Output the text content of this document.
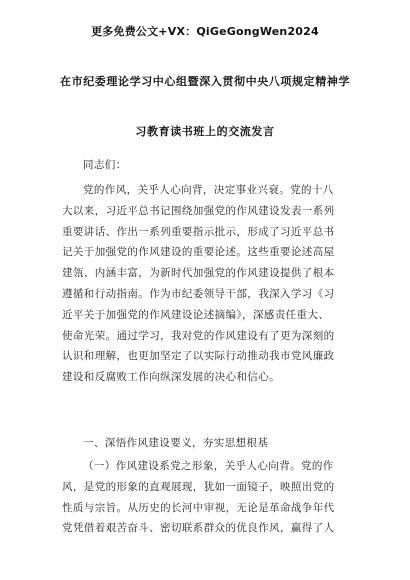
更多免费公文+VX：QiGeGongWen2024
在市纪委理论学习中心组暨深入贯彻中央八项规定精神学
习教育读书班上的交流发言
同志们：
党的作风，关乎人心向背，决定事业兴衰。党的十八
大以来，习近平总书记围绕加强党的作风建设发表一系列
重要讲话、作出一系列重要指示批示，形成了习近平总书
记关于加强党的作风建设的重要论述。这些重要论述高屋
建瓴、内涵丰富，为新时代加强党的作风建设提供了根本
遵循和行动指南。作为市纪委领导干部，我深入学习《习
近平关于加强党的作风建设论述摘编》，深感责任重大、
使命光荣。通过学习，我对党的作风建设有了更为深刻的
认识和理解，也更加坚定了以实际行动推动我市党风廉政
建设和反腐败工作向纵深发展的决心和信心。
一、深悟作风建设要义，夯实思想根基
（一）作风建设系党之形象，关乎人心向背。党的作
风，是党的形象的直观展现，犹如一面镜子，映照出党的
性质与宗旨。从历史的长河中审视，无论是革命战争年代
党凭借着艰苦奋斗、密切联系群众的优良作风，赢得了人
